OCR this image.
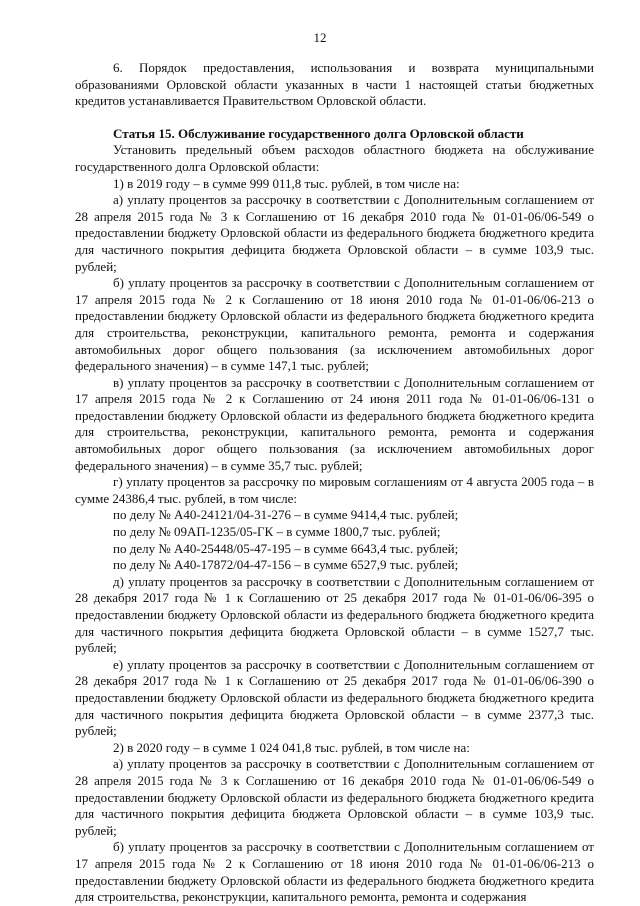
12

6. Порядок предоставления, использования и возврата муниципальными образованиями Орловской области указанных в части 1 настоящей статьи бюджетных кредитов устанавливается Правительством Орловской области.

Статья 15. Обслуживание государственного долга Орловской области

Установить предельный объем расходов областного бюджета на обслуживание государственного долга Орловской области:

1) в 2019 году – в сумме 999 011,8 тыс. рублей, в том числе на:

а) уплату процентов за рассрочку в соответствии с Дополнительным соглашением от 28 апреля 2015 года № 3 к Соглашению от 16 декабря 2010 года № 01-01-06/06-549 о предоставлении бюджету Орловской области из федерального бюджета бюджетного кредита для частичного покрытия дефицита бюджета Орловской области – в сумме 103,9 тыс. рублей;

б) уплату процентов за рассрочку в соответствии с Дополнительным соглашением от 17 апреля 2015 года № 2 к Соглашению от 18 июня 2010 года № 01-01-06/06-213 о предоставлении бюджету Орловской области из федерального бюджета бюджетного кредита для строительства, реконструкции, капитального ремонта, ремонта и содержания автомобильных дорог общего пользования (за исключением автомобильных дорог федерального значения) – в сумме 147,1 тыс. рублей;

в) уплату процентов за рассрочку в соответствии с Дополнительным соглашением от 17 апреля 2015 года № 2 к Соглашению от 24 июня 2011 года № 01-01-06/06-131 о предоставлении бюджету Орловской области из федерального бюджета бюджетного кредита для строительства, реконструкции, капитального ремонта, ремонта и содержания автомобильных дорог общего пользования (за исключением автомобильных дорог федерального значения) – в сумме 35,7 тыс. рублей;

г) уплату процентов за рассрочку по мировым соглашениям от 4 августа 2005 года – в сумме 24386,4 тыс. рублей, в том числе:

по делу № А40-24121/04-31-276 – в сумме 9414,4 тыс. рублей;

по делу № 09АП-1235/05-ГК – в сумме 1800,7 тыс. рублей;

по делу № А40-25448/05-47-195 – в сумме 6643,4 тыс. рублей;

по делу № А40-17872/04-47-156 – в сумме 6527,9 тыс. рублей;

д) уплату процентов за рассрочку в соответствии с Дополнительным соглашением от 28 декабря 2017 года № 1 к Соглашению от 25 декабря 2017 года № 01-01-06/06-395 о предоставлении бюджету Орловской области из федерального бюджета бюджетного кредита для частичного покрытия дефицита бюджета Орловской области – в сумме 1527,7 тыс. рублей;

е) уплату процентов за рассрочку в соответствии с Дополнительным соглашением от 28 декабря 2017 года № 1 к Соглашению от 25 декабря 2017 года № 01-01-06/06-390 о предоставлении бюджету Орловской области из федерального бюджета бюджетного кредита для частичного покрытия дефицита бюджета Орловской области – в сумме 2377,3 тыс. рублей;

2) в 2020 году – в сумме 1 024 041,8 тыс. рублей, в том числе на:

а) уплату процентов за рассрочку в соответствии с Дополнительным соглашением от 28 апреля 2015 года № 3 к Соглашению от 16 декабря 2010 года № 01-01-06/06-549 о предоставлении бюджету Орловской области из федерального бюджета бюджетного кредита для частичного покрытия дефицита бюджета Орловской области – в сумме 103,9 тыс. рублей;

б) уплату процентов за рассрочку в соответствии с Дополнительным соглашением от 17 апреля 2015 года № 2 к Соглашению от 18 июня 2010 года № 01-01-06/06-213 о предоставлении бюджету Орловской области из федерального бюджета бюджетного кредита для строительства, реконструкции, капитального ремонта, ремонта и содержания
